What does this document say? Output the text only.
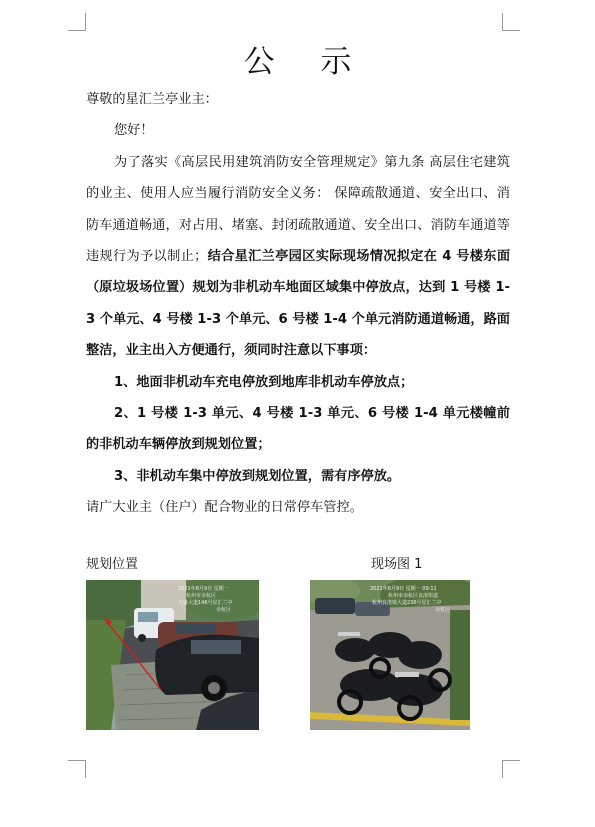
公 示

尊敬的星汇兰亭业主：

您好！

为了落实《高层民用建筑消防安全管理规定》第九条 高层住宅建筑的业主、使用人应当履行消防安全义务： 保障疏散通道、安全出口、消防车通道畅通，对占用、堵塞、封闭疏散通道、安全出口、消防车通道等违规行为予以制止；结合星汇兰亭园区实际现场情况拟定在 4 号楼东面（原垃圾场位置）规划为非机动车地面区域集中停放点，达到 1 号楼 1-3 个单元、4 号楼 1-3 个单元、6 号楼 1-4 个单元消防通道畅通，路面整洁，业主出入方便通行，须同时注意以下事项：

1、地面非机动车充电停放到地库非机动车停放点；

2、1 号楼 1-3 单元、4 号楼 1-3 单元、6 号楼 1-4 单元楼幢前的非机动车辆停放到规划位置；

3、非机动车集中停放到规划位置，需有序停放。

请广大业主（住户）配合物业的日常停车管控。

规划位置	现场图 1
2021年8月9日 星期一
杭州市余杭区
天盛大道146号星汇兰亭
余杭区
2021年8月9日 星期一 09:11
杭州市余杭区良渚街道
杭州良渚镇大道236号星汇兰亭
余杭区
